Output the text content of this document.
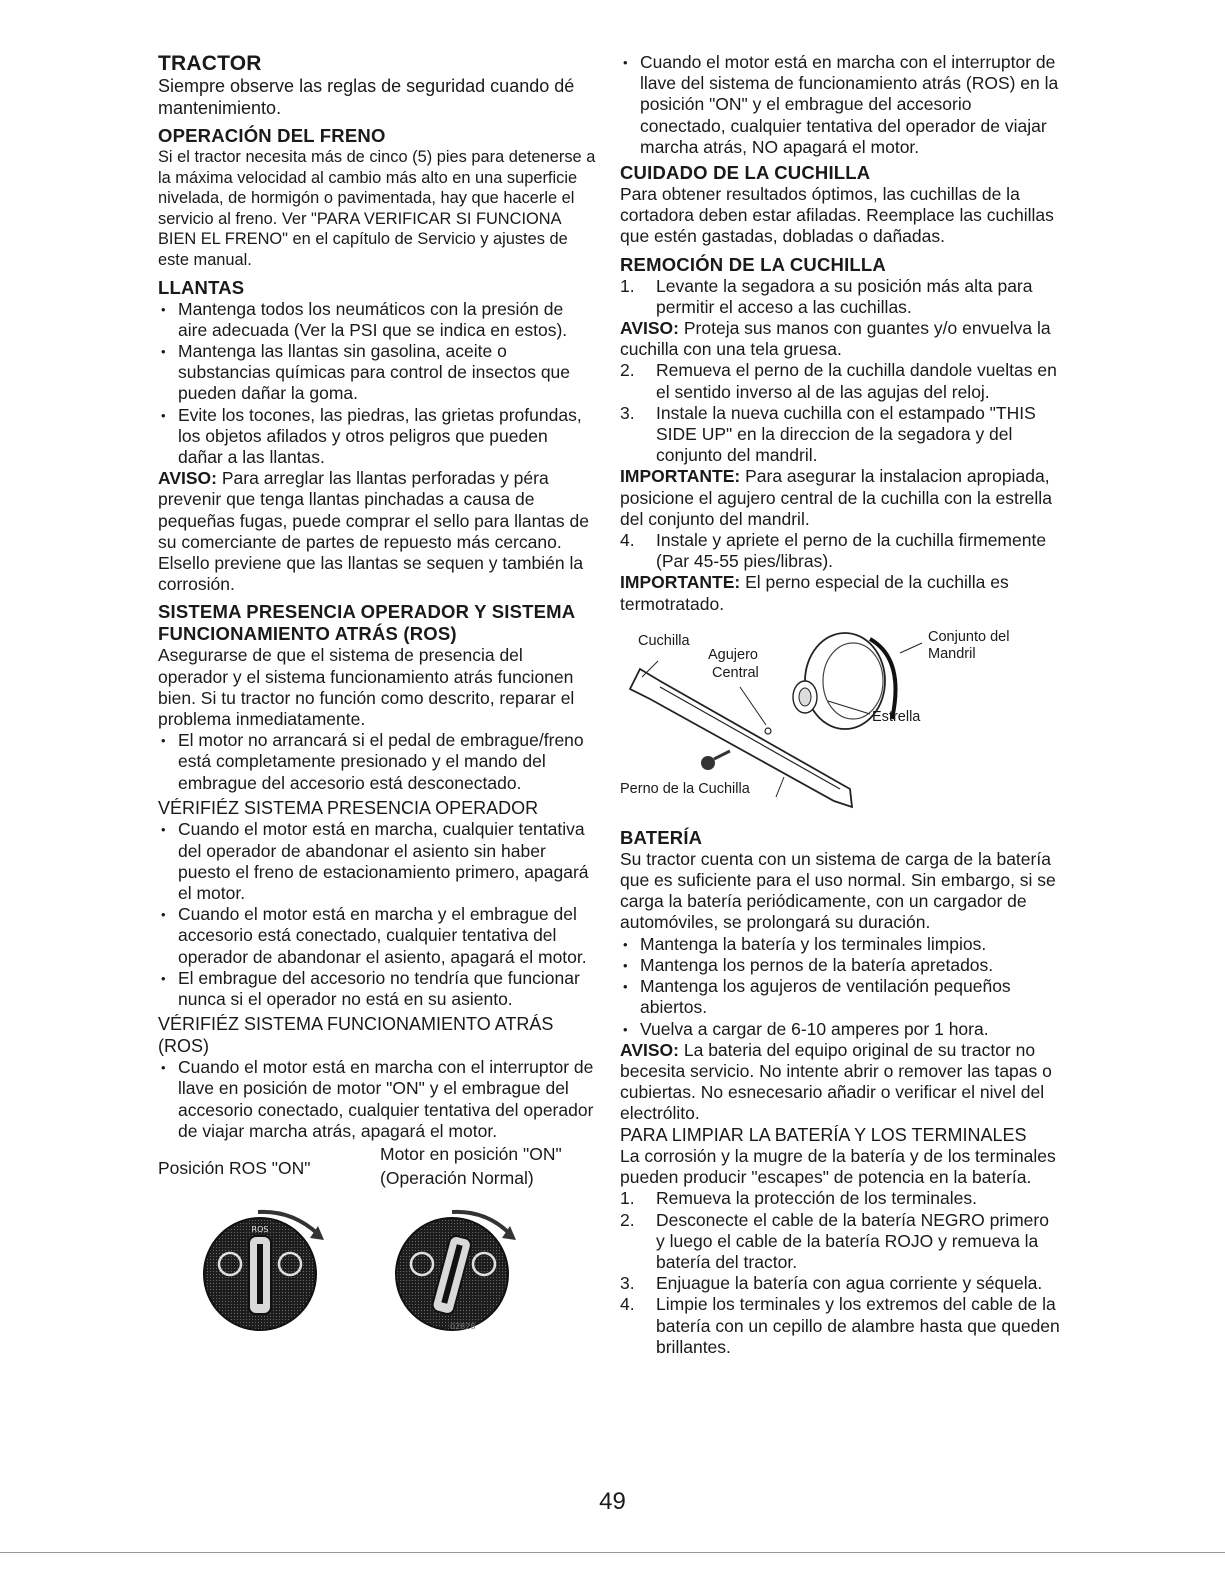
TRACTOR

Siempre observe las reglas de seguridad cuando dé mantenimiento.

OPERACIÓN DEL FRENO

Si el tractor necesita más de cinco (5) pies para detenerse a la máxima velocidad al cambio más alto en una superficie nivelada, de hormigón o pavimentada, hay que hacerle el servicio al freno. Ver "PARA VERIFICAR SI FUNCIONA BIEN EL FRENO" en el capítulo de Servicio y ajustes de este manual.

LLANTAS

• Mantenga todos los neumáticos con la presión de aire adecuada (Ver la PSI que se indica en estos).
• Mantenga las llantas sin gasolina, aceite o substancias químicas para control de insectos que pueden dañar la goma.
• Evite los tocones, las piedras, las grietas profundas, los objetos afilados y otros peligros que pueden dañar a las llantas.

AVISO: Para arreglar las llantas perforadas y péra prevenir que tenga llantas pinchadas a causa de pequeñas fugas, puede comprar el sello para llantas de su comerciante de partes de repuesto más cercano. Elsello previene que las llantas se sequen y también la corrosión.

SISTEMA PRESENCIA OPERADOR Y SISTEMA FUNCIONAMIENTO ATRÁS (ROS)

Asegurarse de que el sistema de presencia del operador y el sistema funcionamiento atrás funcionen bien. Si tu tractor no función como descrito, reparar el problema inmediatamente.

• El motor no arrancará si el pedal de embrague/freno está completamente presionado y el mando del embrague del accesorio está desconectado.

VÉRIFIÉZ SISTEMA PRESENCIA OPERADOR

• Cuando el motor está en marcha, cualquier tentativa del operador de abandonar el asiento sin haber puesto el freno de estacionamiento primero, apagará el motor.
• Cuando el motor está en marcha y el embrague del accesorio está conectado, cualquier tentativa del operador de abandonar el asiento, apagará el motor.
• El embrague del accesorio no tendría que funcionar nunca si el operador no está en su asiento.

VÉRIFIÉZ SISTEMA FUNCIONAMIENTO ATRÁS (ROS)

• Cuando el motor está en marcha con el interruptor de llave en posición de motor "ON" y el embrague del accesorio conectado, cualquier tentativa del operador de viajar marcha atrás, apagará el motor.
Posición ROS "ON"
Motor en posición "ON"
(Operación Normal)
ROS
02828
• Cuando el motor está en marcha con el interruptor de llave del sistema de funcionamiento atrás (ROS) en la posición "ON" y el embrague del accesorio conectado, cualquier tentativa del operador de viajar marcha atrás, NO apagará el motor.

CUIDADO DE LA CUCHILLA

Para obtener resultados óptimos, las cuchillas de la cortadora deben estar afiladas. Reemplace las cuchillas que estén gastadas, dobladas o dañadas.

REMOCIÓN DE LA CUCHILLA

1. Levante la segadora a su posición más alta para permitir el acceso a las cuchillas.

AVISO: Proteja sus manos con guantes y/o envuelva la cuchilla con una tela gruesa.

2. Remueva el perno de la cuchilla dandole vueltas en el sentido inverso al de las agujas del reloj.
3. Instale la nueva cuchilla con el estampado "THIS SIDE UP" en la direccion de la segadora y del conjunto del mandril.

IMPORTANTE: Para asegurar la instalacion apropiada, posicione el agujero central de la cuchilla con la estrella del conjunto del mandril.

4. Instale y apriete el perno de la cuchilla firmemente (Par 45-55 pies/libras).

IMPORTANTE: El perno especial de la cuchilla es termotratado.

Cuchilla
Agujero
Central
Conjunto del
Mandril
Estrella
Perno de la Cuchilla

BATERÍA

Su tractor cuenta con un sistema de carga de la batería que es suficiente para el uso normal. Sin embargo, si se carga la batería periódicamente, con un cargador de automóviles, se prolongará su duración.

• Mantenga la batería y los terminales limpios.
• Mantenga los pernos de la batería apretados.
• Mantenga los agujeros de ventilación pequeños abiertos.
• Vuelva a cargar de 6-10 amperes por 1 hora.

AVISO: La bateria del equipo original de su tractor no becesita servicio. No intente abrir o remover las tapas o cubiertas. No esnecesario añadir o verificar el nivel del electrólito.

PARA LIMPIAR LA BATERÍA Y LOS TERMINALES

La corrosión y la mugre de la batería y de los terminales pueden producir "escapes" de potencia en la batería.

1. Remueva la protección de los terminales.
2. Desconecte el cable de la batería NEGRO primero y luego el cable de la batería ROJO y remueva la batería del tractor.
3. Enjuague la batería con agua corriente y séquela.
4. Limpie los terminales y los extremos del cable de la batería con un cepillo de alambre hasta que queden brillantes.
49
